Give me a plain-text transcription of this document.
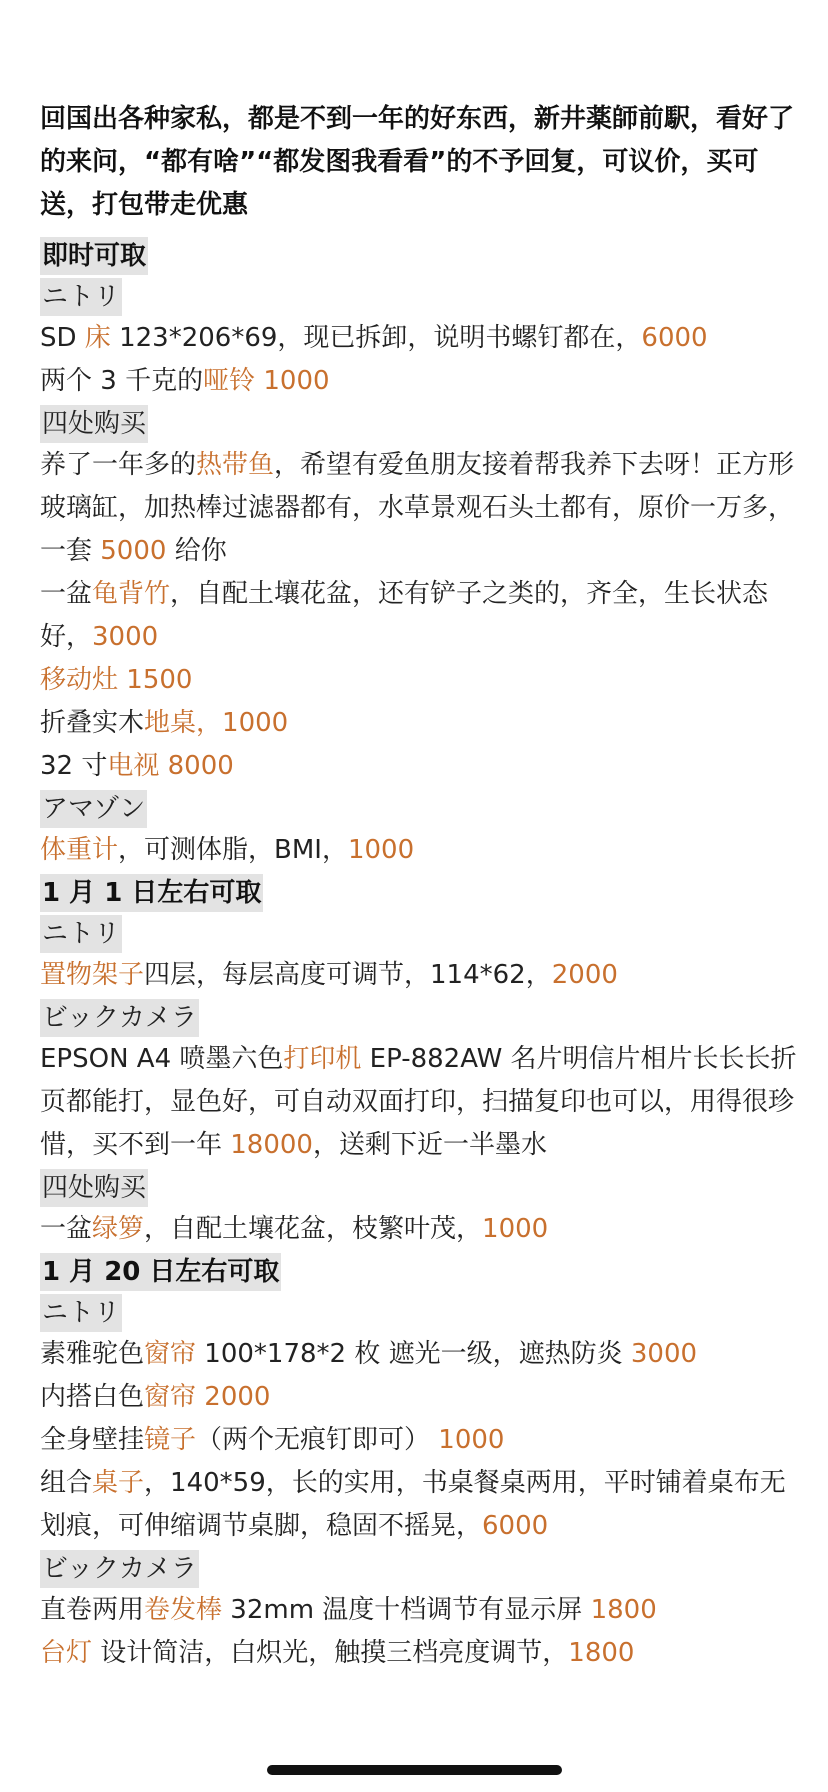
回国出各种家私，都是不到一年的好东西，新井薬師前駅，看好了的来问，“都有啥”“都发图我看看”的不予回复，可议价，买可送，打包带走优惠

即时可取
ニトリ

SD 床 123*206*69，现已拆卸，说明书螺钉都在，6000

两个 3 千克的哑铃 1000

四处购买

养了一年多的热带鱼，希望有爱鱼朋友接着帮我养下去呀！正方形玻璃缸，加热棒过滤器都有，水草景观石头土都有，原价一万多，一套 5000 给你

一盆龟背竹，自配土壤花盆，还有铲子之类的，齐全，生长状态好，3000

移动灶 1500

折叠实木地桌，1000

32 寸电视 8000

アマゾン

体重计，可测体脂，BMI，1000

1 月 1 日左右可取
ニトリ

置物架子四层，每层高度可调节，114*62，2000

ビックカメラ

EPSON A4 喷墨六色打印机 EP-882AW 名片明信片相片长长长折页都能打，显色好，可自动双面打印，扫描复印也可以，用得很珍惜，买不到一年 18000，送剩下近一半墨水

四处购买

一盆绿箩，自配土壤花盆，枝繁叶茂，1000

1 月 20 日左右可取
ニトリ

素雅驼色窗帘 100*178*2 枚 遮光一级，遮热防炎 3000

内搭白色窗帘 2000

全身壁挂镜子（两个无痕钉即可） 1000

组合桌子，140*59，长的实用，书桌餐桌两用，平时铺着桌布无划痕，可伸缩调节桌脚，稳固不摇晃，6000

ビックカメラ

直卷两用卷发棒 32mm 温度十档调节有显示屏 1800

台灯 设计简洁，白炽光，触摸三档亮度调节，1800
